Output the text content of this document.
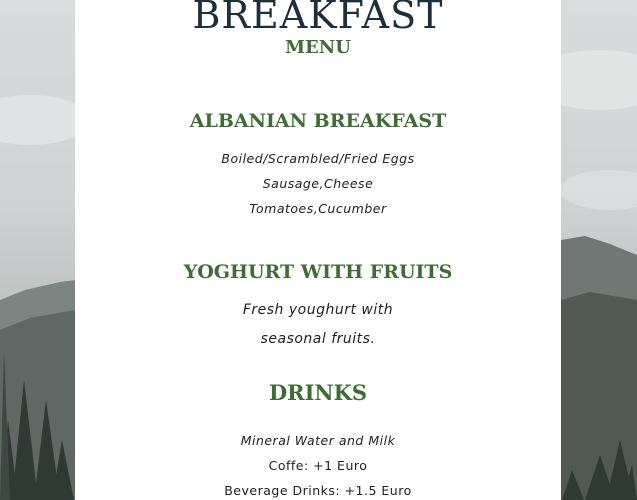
BREAKFAST
MENU
ALBANIAN BREAKFAST
Boiled/Scrambled/Fried Eggs
Sausage,Cheese
Tomatoes,Cucumber
YOGHURT WITH FRUITS
Fresh youghurt with
seasonal fruits.
DRINKS
Mineral Water and Milk
Coffe: +1 Euro
Beverage Drinks: +1.5 Euro
